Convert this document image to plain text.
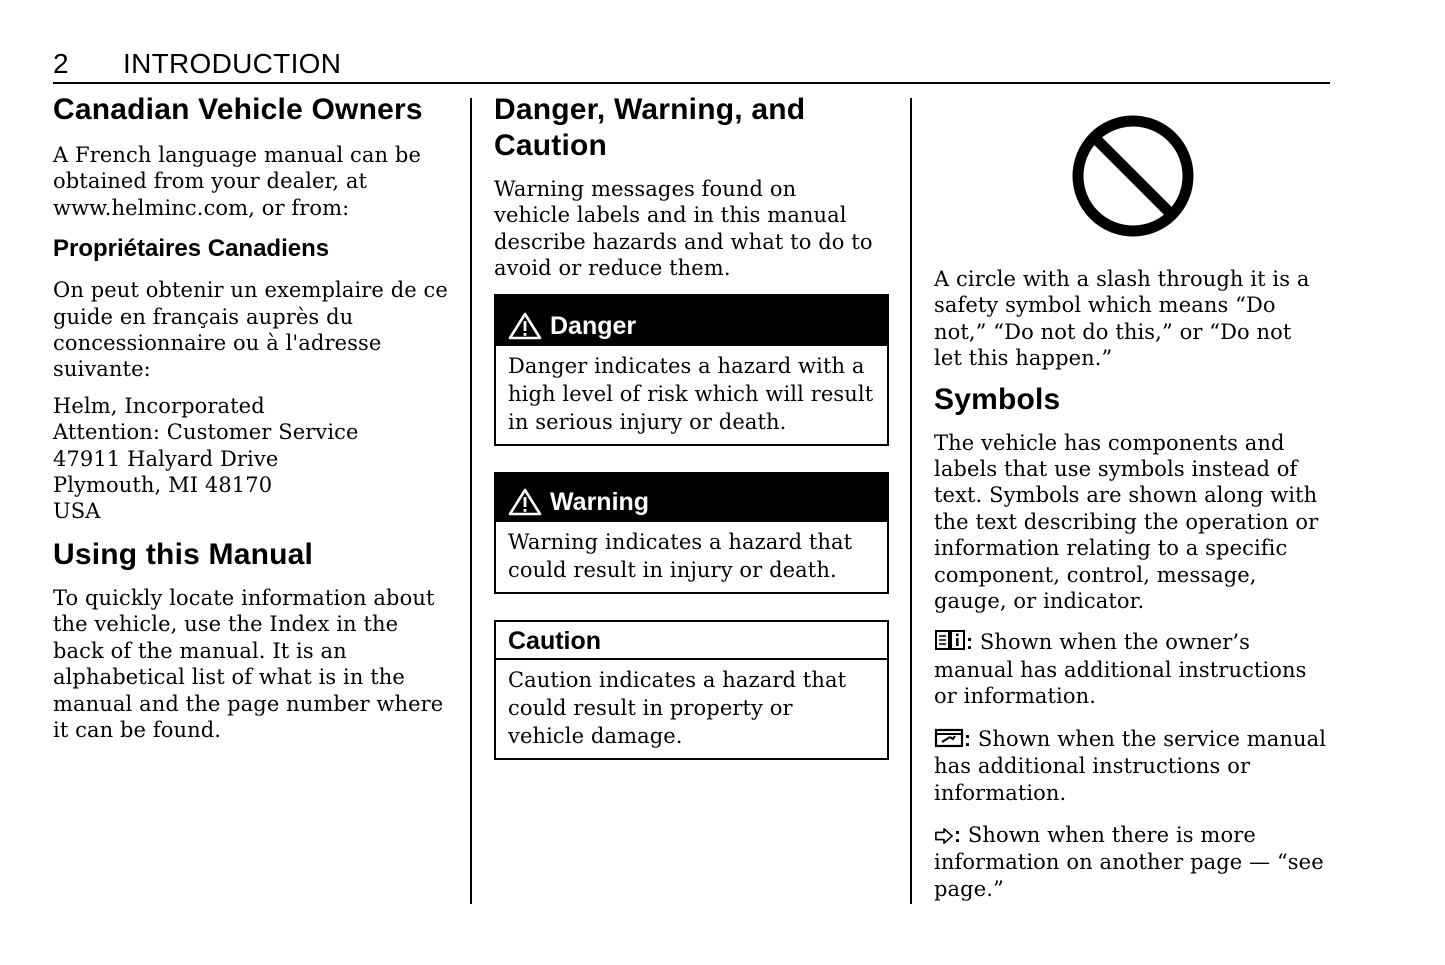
2 INTRODUCTION
Canadian Vehicle Owners

A French language manual can be obtained from your dealer, at www.helminc.com, or from:

Propriétaires Canadiens

On peut obtenir un exemplaire de ce guide en français auprès du concessionnaire ou à l'adresse suivante:

Helm, Incorporated

Attention: Customer Service

47911 Halyard Drive

Plymouth, MI 48170

USA

Using this Manual

To quickly locate information about the vehicle, use the Index in the back of the manual. It is an alphabetical list of what is in the manual and the page number where it can be found.

Danger, Warning, and
Caution

Warning messages found on vehicle labels and in this manual describe hazards and what to do to avoid or reduce them.

Danger

Danger indicates a hazard with a high level of risk which will result in serious injury or death.

Warning

Warning indicates a hazard that could result in injury or death.

Caution

Caution indicates a hazard that could result in property or vehicle damage.

A circle with a slash through it is a safety symbol which means “Do not,” “Do not do this,” or “Do not let this happen.”

Symbols

The vehicle has components and labels that use symbols instead of text. Symbols are shown along with the text describing the operation or information relating to a specific component, control, message, gauge, or indicator.

: Shown when the owner’s manual has additional instructions or information.

: Shown when the service manual has additional instructions or information.

: Shown when there is more information on another page — “see page.”
